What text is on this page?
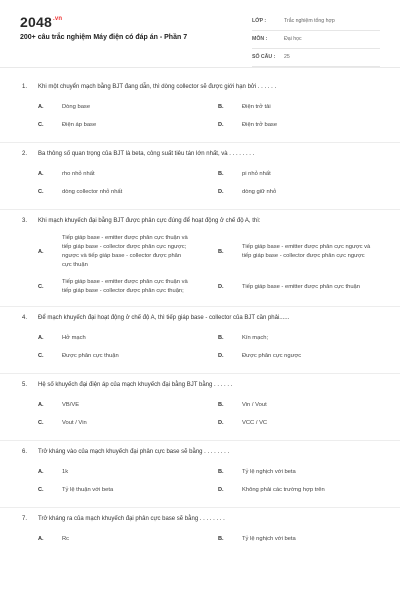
$2048^{.vn}$
200+ câu trắc nghiệm Máy điện có đáp án - Phần 7
LỚP :	Trắc nghiệm tổng hợp
MÔN :	Đại học
SỐ CÂU : 25
1.	Khi một chuyển mạch bằng BJT đang dẫn, thì dòng collector sẽ được giới hạn bởi . . . . . .
A.	Dòng base	B.	Điện trở tải
C.	Điện áp base	D.	Điện trở base
2.	Ba thông số quan trọng của BJT là beta, công suất tiêu tán lớn nhất, và . . . . . . . .
A.	rho nhỏ nhất	B.	pi nhỏ nhất
C.	dòng collector nhỏ nhất	D.	dòng giữ nhỏ
3.	Khi mạch khuyếch đại bằng BJT được phân cực đúng để hoạt động ở chế độ A, thì:
A.
Tiếp giáp base - emitter được phân cực thuận và tiếp giáp base - collector được phân cực ngược; ngược và tiếp giáp base - collector được phân cực thuận
B.
Tiếp giáp base - emitter được phân cực ngược và tiếp giáp base - collector được phân cực ngược
C.
Tiếp giáp base - emitter được phân cực thuận và tiếp giáp base - collector được phân cực thuận;
D.	Tiếp giáp base - emitter được phân cực thuận
4.	Để mạch khuyếch đại hoạt động ở chế độ A, thì tiếp giáp base - collector của BJT cần phải......
A.	Hở mạch	B.	Kín mạch;
C.	Được phân cực thuận	D.	Được phân cực ngược
5.	Hệ số khuyếch đại điện áp của mạch khuyếch đại bằng BJT bằng . . . . . .
A.	VB/VE	B.	Vin / Vout
C.	Vout / Vin	D.	VCC / VC
6.	Trở kháng vào của mạch khuyếch đại phân cực base sẽ bằng . . . . . . . .
A.	1k	B.	Tỷ lệ nghịch với beta
C.	Tỷ lệ thuận với beta	D.	Không phải các trường hợp trên
7.	Trở kháng ra của mạch khuyếch đại phân cực base sẽ bằng . . . . . . . .
A.	Rc	B.	Tỷ lệ nghịch với beta
